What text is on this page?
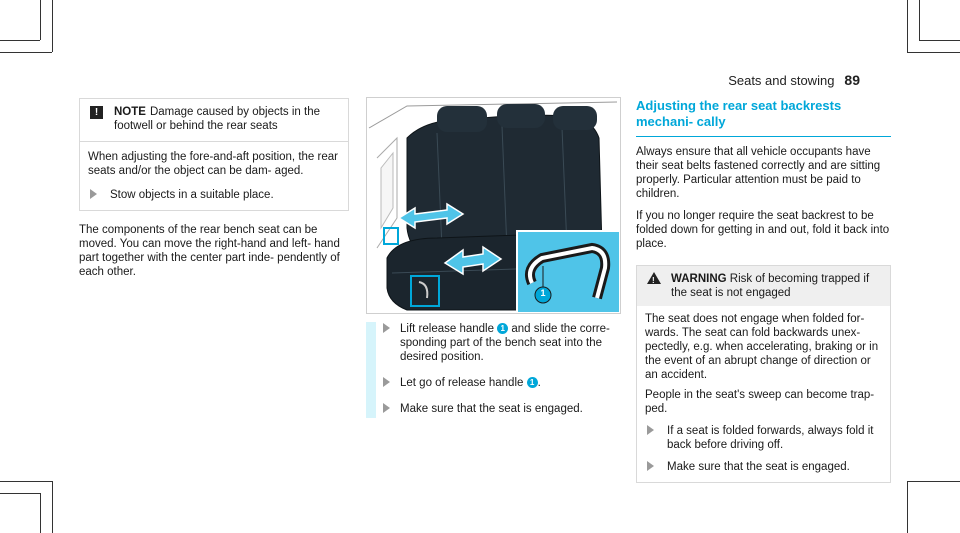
Seats and stowing 89
!	NOTE Damage caused by objects in the footwell or behind the rear seats
When adjusting the fore-and-aft position, the rear seats and/or the object can be dam- aged.
Stow objects in a suitable place.
The components of the rear bench seat can be moved. You can move the right-hand and left- hand part together with the center part inde- pendently of each other.
1
Lift release handle 1 and slide the corre- sponding part of the bench seat into the desired position.
Let go of release handle 1 .
Make sure that the seat is engaged.
Adjusting the rear seat backrests mechani- cally

Always ensure that all vehicle occupants have their seat belts fastened correctly and are sitting properly. Particular attention must be paid to children.

If you no longer require the seat backrest to be folded down for getting in and out, fold it back into place.

! WARNING Risk of becoming trapped if the seat is not engaged

The seat does not engage when folded for- wards. The seat can fold backwards unex- pectedly, e.g. when accelerating, braking or in the event of an abrupt change of direction or an accident.

People in the seat's sweep can become trap- ped.

If a seat is folded forwards, always fold it back before driving off.
Make sure that the seat is engaged.
